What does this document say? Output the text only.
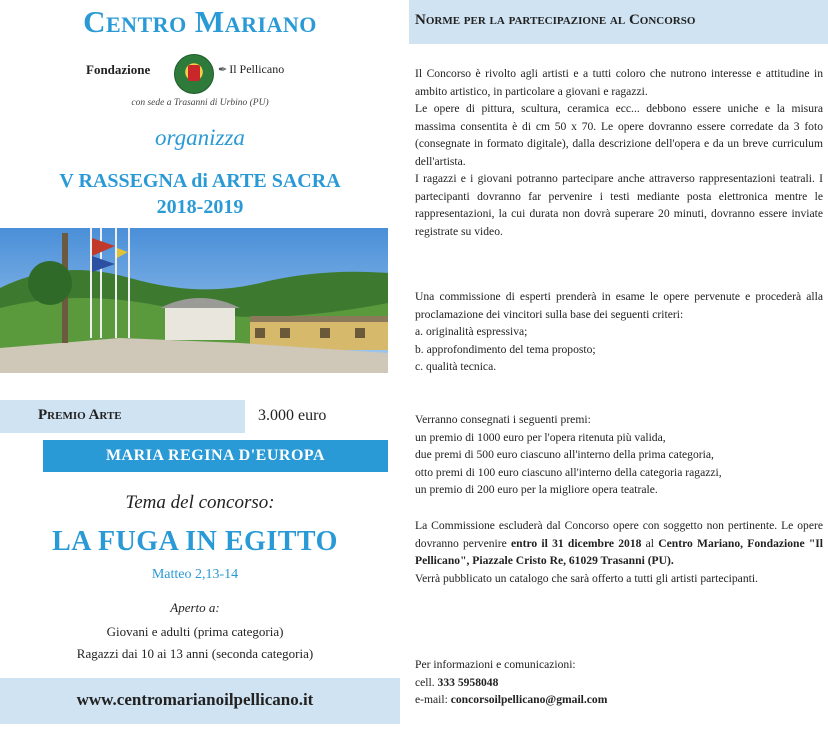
Centro Mariano
Fondazione	✒ Il Pellicano
con sede a Trasanni di Urbino (PU)
organizza
V RASSEGNA di ARTE SACRA
2018-2019
Premio Arte	3.000 euro
MARIA REGINA D'EUROPA
Tema del concorso:
LA FUGA IN EGITTO
Matteo 2,13-14
Aperto a:
Giovani e adulti (prima categoria)
Ragazzi dai 10 ai 13 anni (seconda categoria)
www.centromarianoilpellicano.it
Norme per la partecipazione al Concorso

Il Concorso è rivolto agli artisti e a tutti coloro che nutrono interesse e attitudine in ambito artistico, in particolare a giovani e ragazzi.

Le opere di pittura, scultura, ceramica ecc... debbono essere uniche e la misura massima consentita è di cm 50 x 70. Le opere dovranno essere corredate da 3 foto (consegnate in formato digitale), dalla descrizione dell'opera e da un breve curriculum dell'artista.

I ragazzi e i giovani potranno partecipare anche attraverso rappresentazioni teatrali. I partecipanti dovranno far pervenire i testi mediante posta elettronica mentre le rappresentazioni, la cui durata non dovrà superare 20 minuti, dovranno essere inviate registrate su video.

Una commissione di esperti prenderà in esame le opere pervenute e procederà alla proclamazione dei vincitori sulla base dei seguenti criteri:

a. originalità espressiva;

b. approfondimento del tema proposto;

c. qualità tecnica.

Verranno consegnati i seguenti premi:

un premio di 1000 euro per l'opera ritenuta più valida,

due premi di 500 euro ciascuno all'interno della prima categoria,

otto premi di 100 euro ciascuno all'interno della categoria ragazzi,

un premio di 200 euro per la migliore opera teatrale.

La Commissione escluderà dal Concorso opere con soggetto non pertinente. Le opere dovranno pervenire entro il 31 dicembre 2018 al Centro Mariano, Fondazione "Il Pellicano", Piazzale Cristo Re, 61029 Trasanni (PU).

Verrà pubblicato un catalogo che sarà offerto a tutti gli artisti partecipanti.

Per informazioni e comunicazioni:

cell. 333 5958048

e-mail: concorsoilpellicano@gmail.com
